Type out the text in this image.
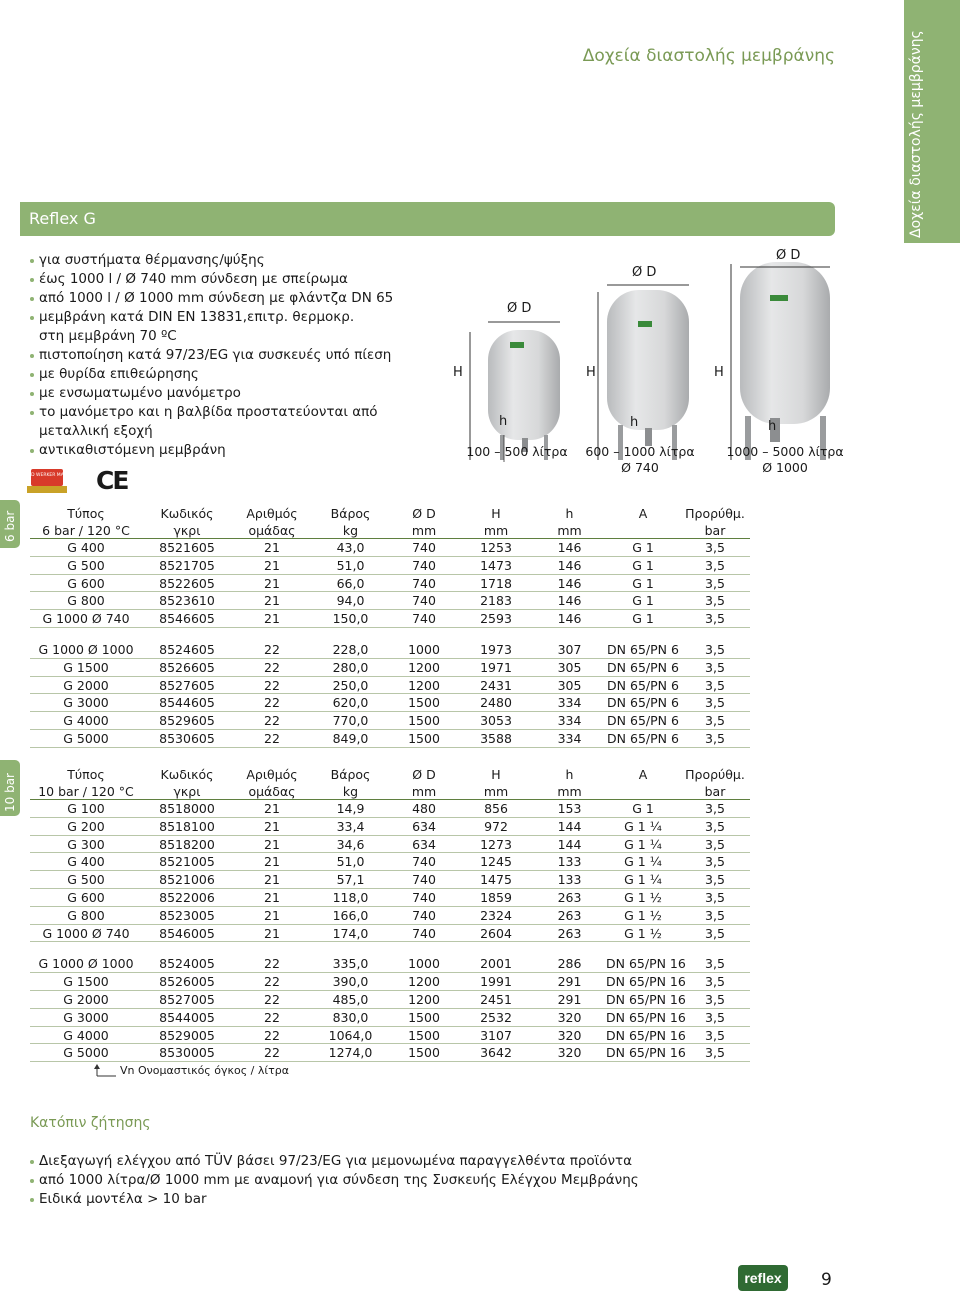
Δοχεία διαστολής μεμβράνης	Δοχεία διαστολής μεμβράνης
Reflex G
για συστήματα θέρμανσης/ψύξης
έως 1000 l / Ø 740 mm σύνδεση με σπείρωμα
από 1000 l / Ø 1000 mm σύνδεση με φλάντζα DN 65
μεμβράνη κατά DIN EN 13831,επιτρ. θερμοκρ. στη μεμβράνη 70 ºC
πιστοποίηση κατά 97/23/EG για συσκευές υπό πίεση
με θυρίδα επιθεώρησης
με ενσωματωμένο μανόμετρο
το μανόμετρο και η βαλβίδα προστατεύονται από μεταλλική εξοχή
αντικαθιστόμενη μεμβράνη
HAND WERKER MARKE CE
Ø D
H
h
Ø D
H
h
Ø D
H
h
100 – 500 λίτρα	600 – 1000 λίτρα
Ø 740
1000 – 5000 λίτρα
Ø 1000
6 bar	Τύπος	Κωδικός	Αριθμός	Βάρος	Ø D	H	h	A	Προρύθμ.
6 bar / 120 °C	γκρι	ομάδας	kg	mm	mm	mm		bar
G 400	8521605	21	43,0	740	1253	146	G 1	3,5
G 500	8521705	21	51,0	740	1473	146	G 1	3,5
G 600	8522605	21	66,0	740	1718	146	G 1	3,5
G 800	8523610	21	94,0	740	2183	146	G 1	3,5
G 1000 Ø 740	8546605	21	150,0	740	2593	146	G 1	3,5

G 1000 Ø 1000	8524605	22	228,0	1000	1973	307	DN 65/PN 6	3,5
G 1500	8526605	22	280,0	1200	1971	305	DN 65/PN 6	3,5
G 2000	8527605	22	250,0	1200	2431	305	DN 65/PN 6	3,5
G 3000	8544605	22	620,0	1500	2480	334	DN 65/PN 6	3,5
G 4000	8529605	22	770,0	1500	3053	334	DN 65/PN 6	3,5
G 5000	8530605	22	849,0	1500	3588	334	DN 65/PN 6	3,5
10 bar	Τύπος	Κωδικός	Αριθμός	Βάρος	Ø D	H	h	A	Προρύθμ.
10 bar / 120 °C	γκρι	ομάδας	kg	mm	mm	mm		bar
G 100	8518000	21	14,9	480	856	153	G 1	3,5
G 200	8518100	21	33,4	634	972	144	G 1 ¼	3,5
G 300	8518200	21	34,6	634	1273	144	G 1 ¼	3,5
G 400	8521005	21	51,0	740	1245	133	G 1 ¼	3,5
G 500	8521006	21	57,1	740	1475	133	G 1 ¼	3,5
G 600	8522006	21	118,0	740	1859	263	G 1 ½	3,5
G 800	8523005	21	166,0	740	2324	263	G 1 ½	3,5
G 1000 Ø 740	8546005	21	174,0	740	2604	263	G 1 ½	3,5

G 1000 Ø 1000	8524005	22	335,0	1000	2001	286	DN 65/PN 16	3,5
G 1500	8526005	22	390,0	1200	1991	291	DN 65/PN 16	3,5
G 2000	8527005	22	485,0	1200	2451	291	DN 65/PN 16	3,5
G 3000	8544005	22	830,0	1500	2532	320	DN 65/PN 16	3,5
G 4000	8529005	22	1064,0	1500	3107	320	DN 65/PN 16	3,5
G 5000	8530005	22	1274,0	1500	3642	320	DN 65/PN 16	3,5
Vn Ονομαστικός όγκος / λίτρα
Κατόπιν ζήτησης
Διεξαγωγή ελέγχου από TÜV βάσει 97/23/EG για μεμονωμένα παραγγελθέντα προϊόντα
από 1000 λίτρα/Ø 1000 mm με αναμονή για σύνδεση της Συσκευής Ελέγχου Μεμβράνης
Ειδικά μοντέλα > 10 bar
reflex	9
